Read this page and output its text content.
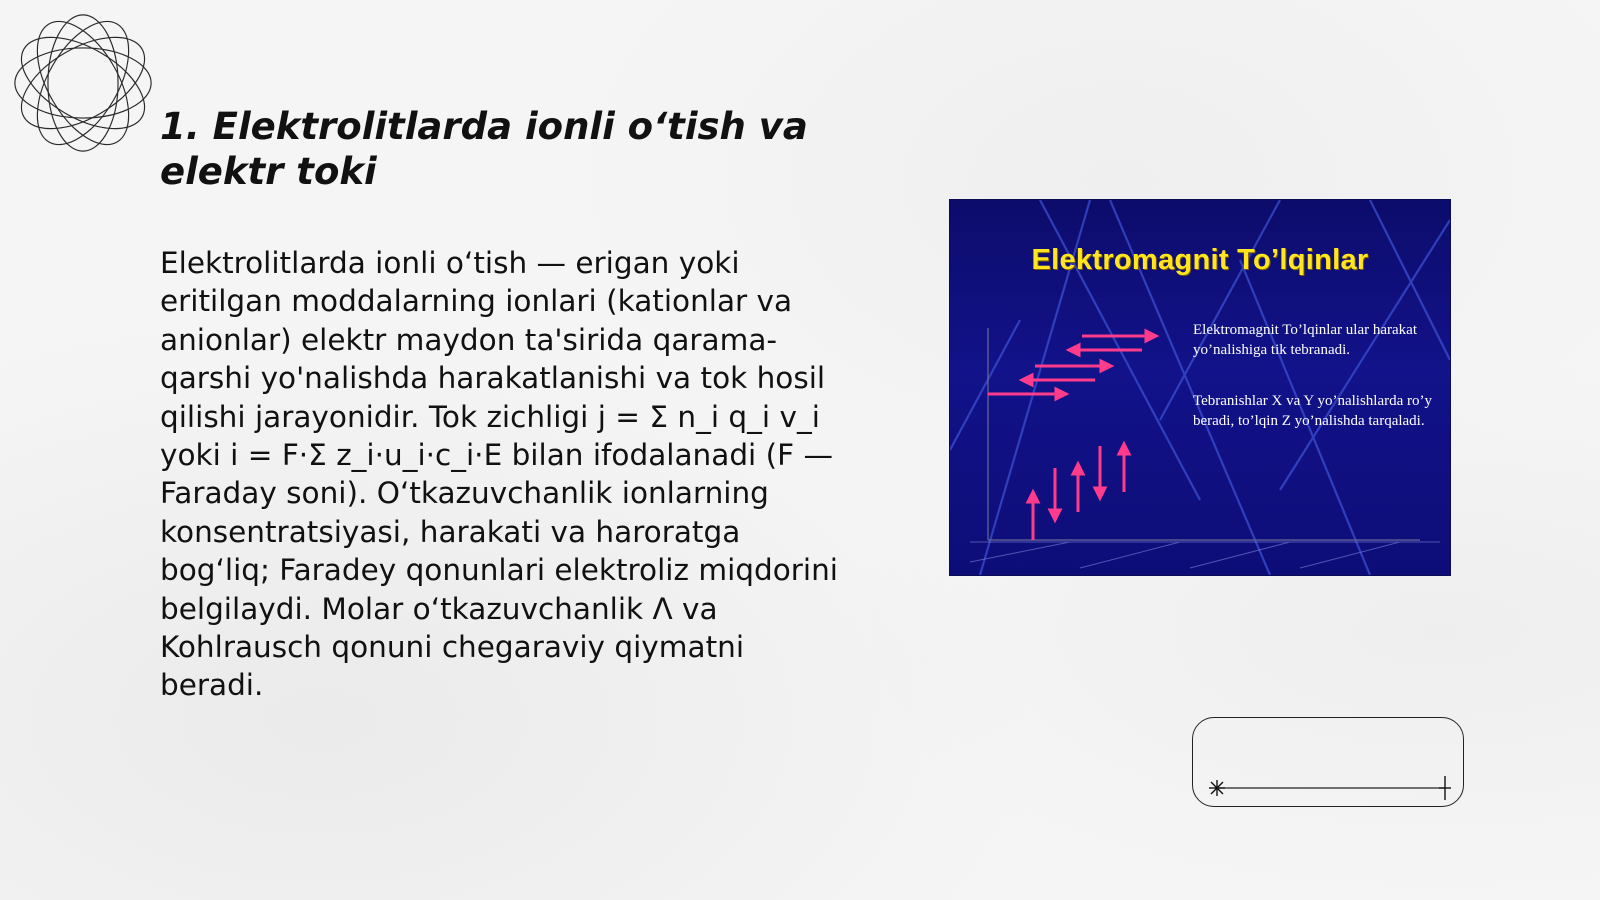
1. Elektrolitlarda ionli o‘tish va elektr toki

Elektrolitlarda ionli o‘tish — erigan yoki eritilgan moddalarning ionlari (kationlar va anionlar) elektr maydon ta'sirida qarama-qarshi yo'nalishda harakatlanishi va tok hosil qilishi jarayonidir. Tok zichligi j = Σ n_i q_i v_i yoki i = F·Σ z_i·u_i·c_i·E bilan ifodalanadi (F — Faraday soni). O‘tkazuvchanlik ionlarning konsentratsiyasi, harakati va haroratga bog‘liq; Faradey qonunlari elektroliz miqdorini belgilaydi. Molar o‘tkazuvchanlik Λ va Kohlrausch qonuni chegaraviy qiymatni beradi.

Elektromagnit To’lqinlar
Elektromagnit To’lqinlar ular harakat yo’nalishiga tik tebranadi.
Tebranishlar X va Y yo’nalishlarda ro’y beradi, to’lqin Z yo’nalishda tarqaladi.
